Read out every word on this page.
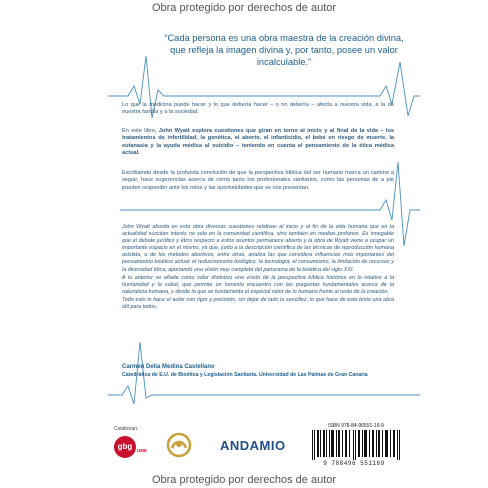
Obra protegido por derechos de autor
“Cada persona es una obra maestra de la creación divina,
que refleja la imagen divina y, por tanto, posee un valor incalculable.”
Lo que la medicina puede hacer y lo que debería hacer – o no debería – afecta a nuestra vida, a la de nuestra familia y a la sociedad.
En este libro, John Wyatt explora cuestiones que giran en torno al inicio y al final de la vida – los tratamientos de infertilidad, la genética, el aborto, el infanticidio, el bebé en riesgo de muerte, la eutanasia y la ayuda médica al suicidio – teniendo en cuenta el pensamiento de la ética médica actual.
Escribiendo desde la profunda convicción de que la perspectiva bíblica del ser humano marca un camino a seguir, hace sugerencias acerca de cómo tanto los profesionales sanitarios, como las personas de a pie pueden responder ante los retos y las oportunidades que se nos presentan.

John Wyatt aborda en esta obra diversas cuestiones relativas al inicio y al fin de la vida humana que en la actualidad suscitan interés no solo en la comunidad científica, sino también en medios profanos. Es innegable que el debate jurídico y ético respecto a estos asuntos permanece abierto y la obra de Wyatt viene a ocupar un importante espacio en el mismo, ya que, junto a la descripción científica de las técnicas de reproducción humana asistida, o de los métodos abortivos, entre otras, analiza las que considera influencias más importantes del pensamiento bioético actual: el reduccionismo biológico, la tecnología, el consumismo, la limitación de recursos y la diversidad ética, aportando una visión muy completa del panorama de la bioética del siglo XXI.

A lo anterior se añade como valor distintivo una visión de la perspectiva bíblica histórica en lo relativo a la humanidad y la salud, que permite un honesto encuentro con las preguntas fundamentales acerca de la naturaleza humana, y desde la que se fundamenta el especial valor de lo humano frente al resto de la creación.

Todo esto lo hace el autor con rigor y precisión, sin dejar de lado la sencillez, lo que hace de este texto una obra útil para todos.

Carmen Delia Medina Castellano
Catedrática de E.U. de Bioética y Legislación Sanitaria. Universidad de Las Palmas de Gran Canaria
Colaboran:
gbg	UME	ANDAMIO
ISBN 978-84-96551-16-9
9 788496 551169
Obra protegido por derechos de autor
